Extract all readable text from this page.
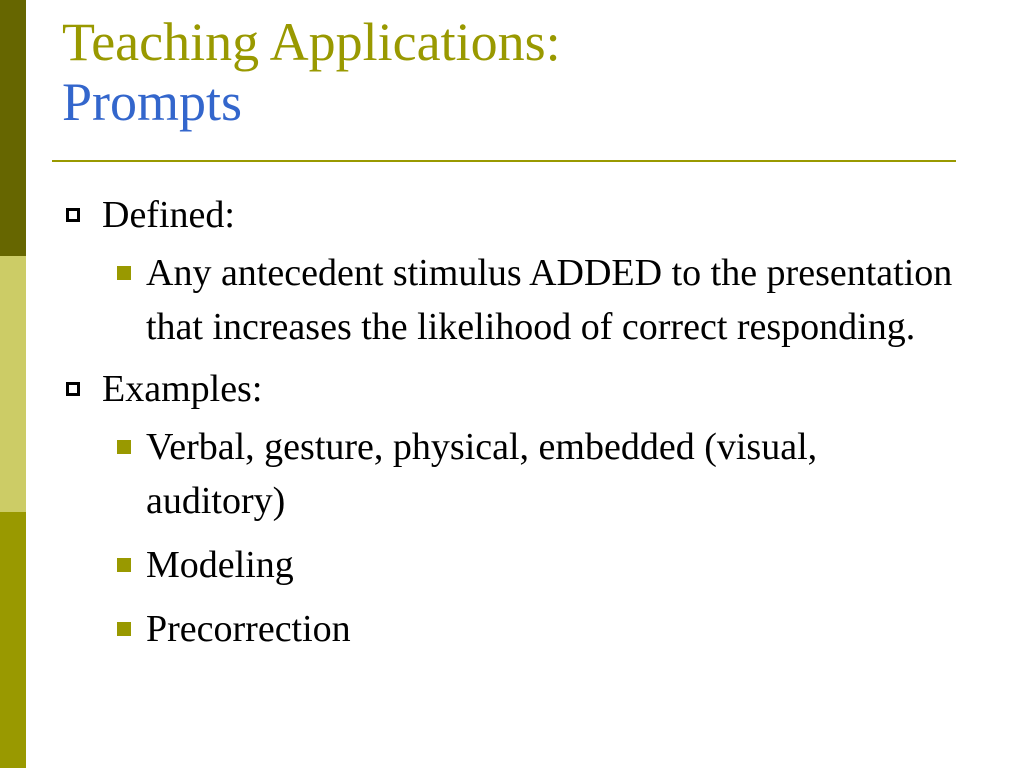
Teaching Applications:
Prompts
Defined:
Any antecedent stimulus ADDED to the presentation that increases the likelihood of correct responding.
Examples:
Verbal, gesture, physical, embedded (visual, auditory)
Modeling
Precorrection
